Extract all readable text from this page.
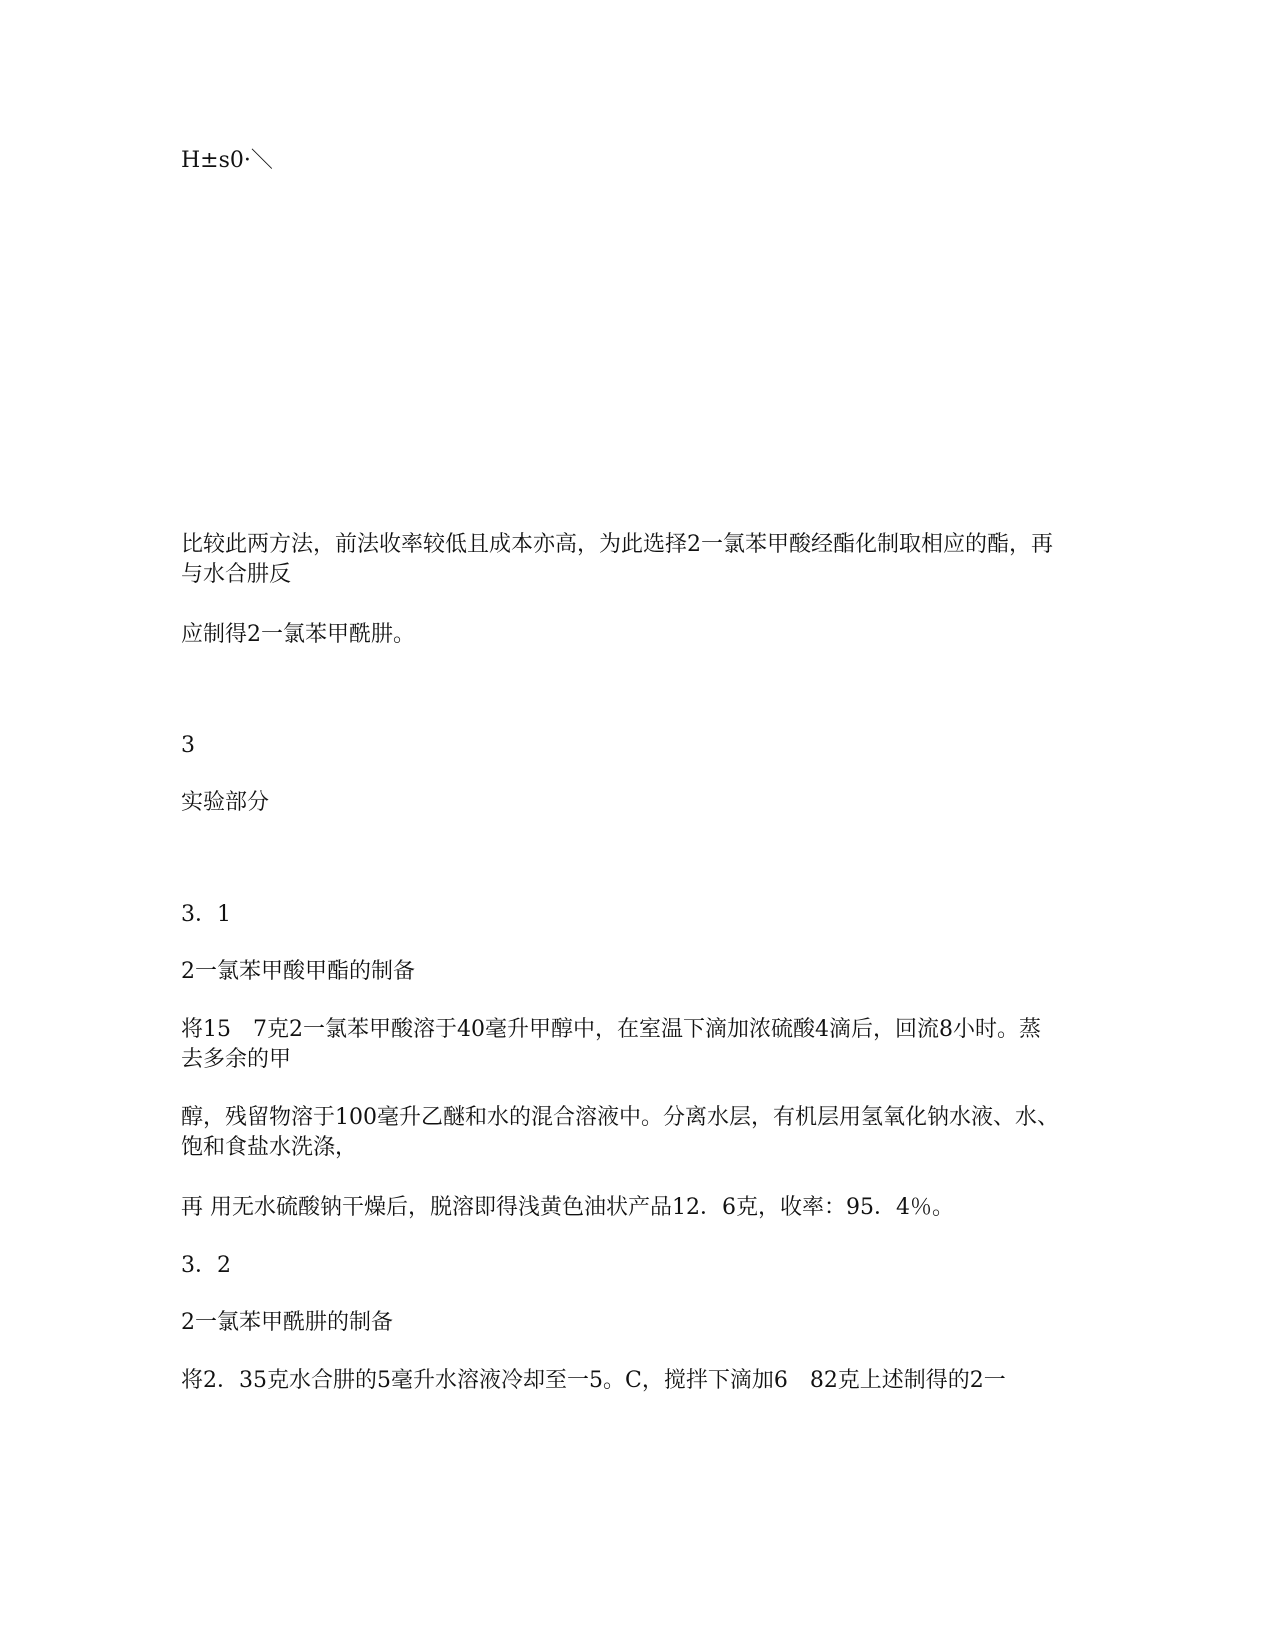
H±s0·＼
比较此两方法，前法收率较低且成本亦高，为此选择2一氯苯甲酸经酯化制取相应的酯，再与水合肼反
应制得2一氯苯甲酰肼。
3
实验部分
3．1
2一氯苯甲酸甲酯的制备
将15　7克2一氯苯甲酸溶于40毫升甲醇中，在室温下滴加浓硫酸4滴后，回流8小时。蒸去多余的甲
醇，残留物溶于100毫升乙醚和水的混合溶液中。分离水层，有机层用氢氧化钠水液、水、饱和食盐水洗涤，
再 用无水硫酸钠干燥后，脱溶即得浅黄色油状产品12．6克，收率：95．4％。
3．2
2一氯苯甲酰肼的制备
将2．35克水合肼的5毫升水溶液冷却至一5。C，搅拌下滴加6　82克上述制得的2一
